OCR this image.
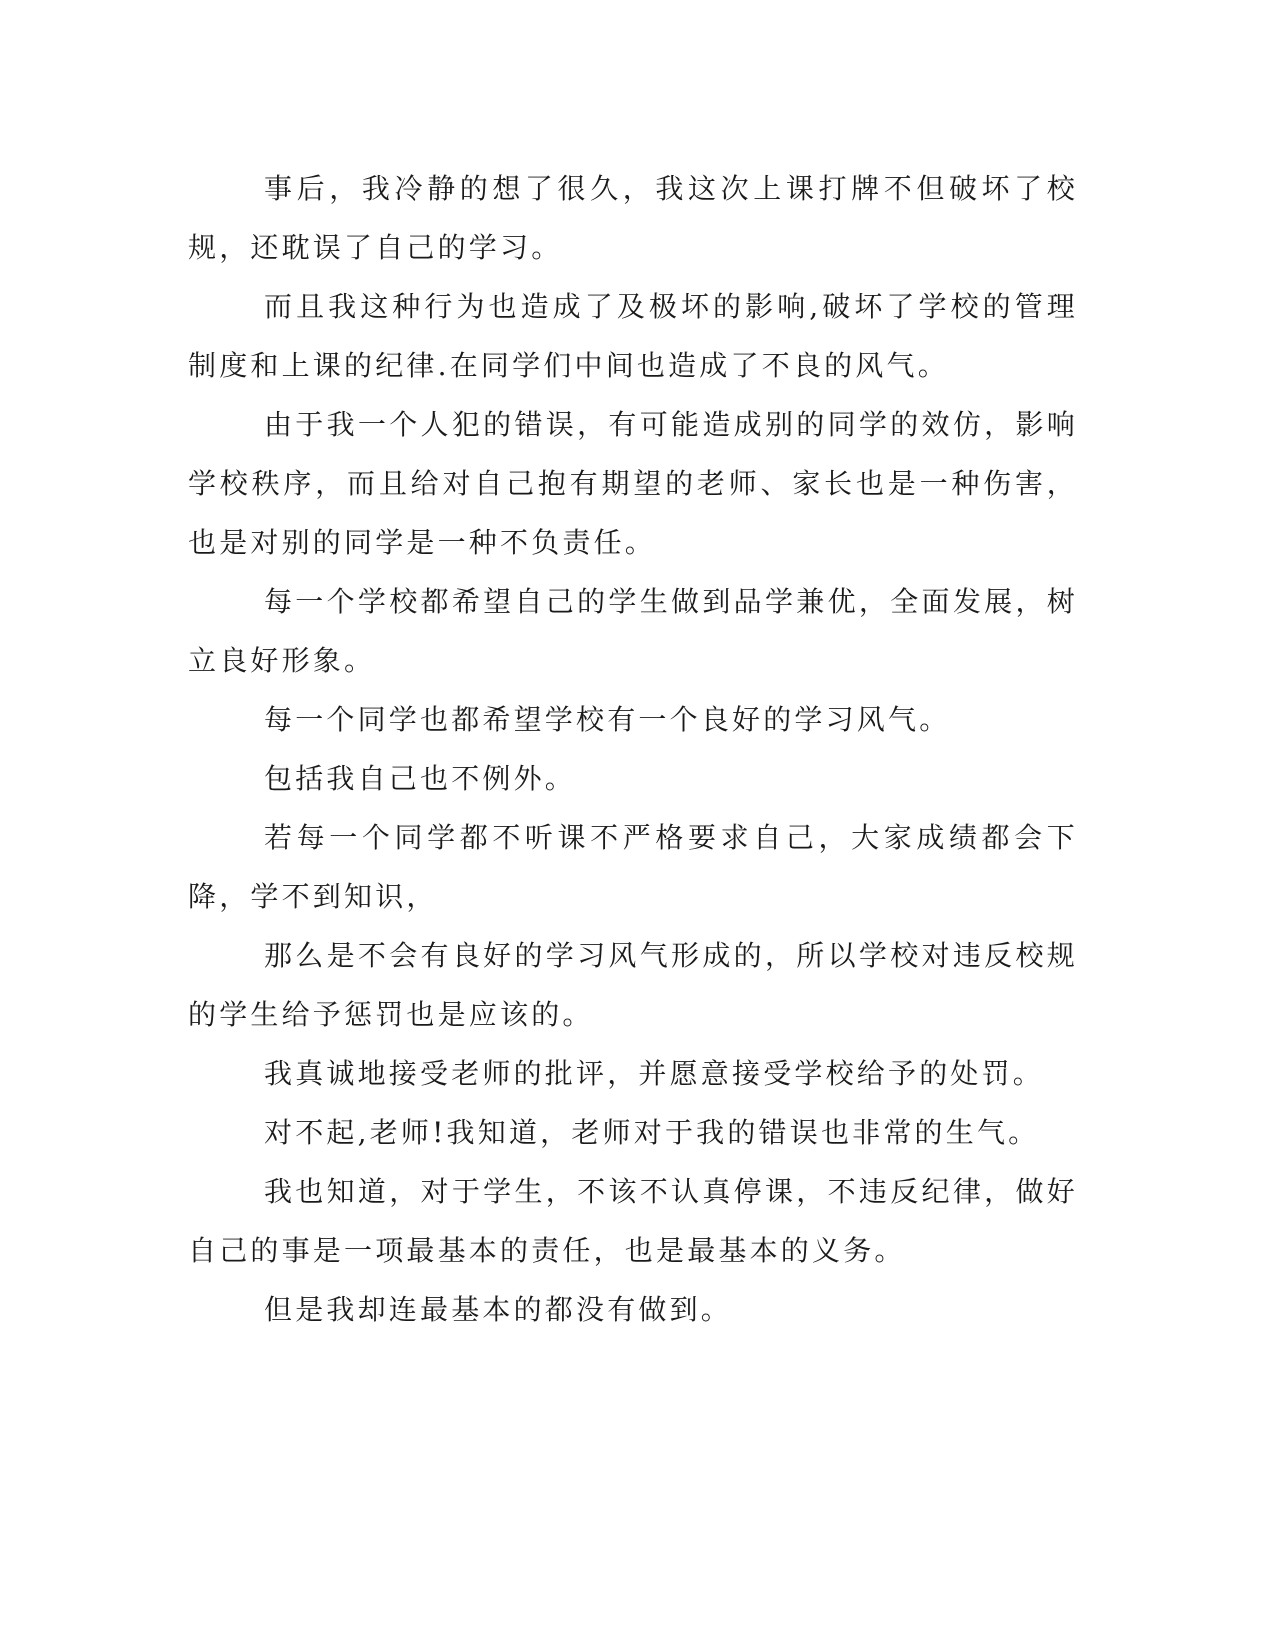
事后，我冷静的想了很久，我这次上课打牌不但破坏了校规，还耽误了自己的学习。

而且我这种行为也造成了及极坏的影响,破坏了学校的管理制度和上课的纪律.在同学们中间也造成了不良的风气。

由于我一个人犯的错误，有可能造成别的同学的效仿，影响学校秩序，而且给对自己抱有期望的老师、家长也是一种伤害，也是对别的同学是一种不负责任。

每一个学校都希望自己的学生做到品学兼优，全面发展，树立良好形象。

每一个同学也都希望学校有一个良好的学习风气。

包括我自己也不例外。

若每一个同学都不听课不严格要求自己，大家成绩都会下降，学不到知识，

那么是不会有良好的学习风气形成的，所以学校对违反校规的学生给予惩罚也是应该的。

我真诚地接受老师的批评，并愿意接受学校给予的处罚。

对不起,老师!我知道，老师对于我的错误也非常的生气。

我也知道，对于学生，不该不认真停课，不违反纪律，做好自己的事是一项最基本的责任，也是最基本的义务。

但是我却连最基本的都没有做到。
